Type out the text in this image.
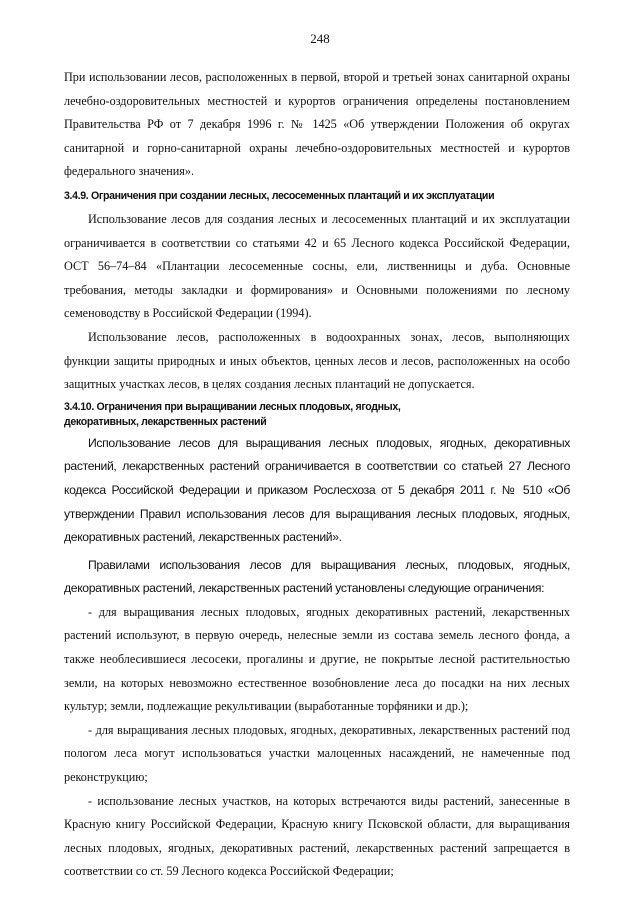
248

При использовании лесов, расположенных в первой, второй и третьей зонах санитарной охраны лечебно-оздоровительных местностей и курортов ограничения определены постановлением Правительства РФ от 7 декабря 1996 г. № 1425 «Об утверждении Положения об округах санитарной и горно-санитарной охраны лечебно-оздоровительных местностей и курортов федерального значения».

3.4.9. Ограничения при создании лесных, лесосеменных плантаций и их эксплуатации

Использование лесов для создания лесных и лесосеменных плантаций и их эксплуатации ограничивается в соответствии со статьями 42 и 65 Лесного кодекса Российской Федерации, ОСТ 56–74–84 «Плантации лесосеменные сосны, ели, лиственницы и дуба. Основные требования, методы закладки и формирования» и Основными положениями по лесному семеноводству в Российской Федерации (1994).

Использование лесов, расположенных в водоохранных зонах, лесов, выполняющих функции защиты природных и иных объектов, ценных лесов и лесов, расположенных на особо защитных участках лесов, в целях создания лесных плантаций не допускается.

3.4.10. Ограничения при выращивании лесных плодовых, ягодных,
декоративных, лекарственных растений

Использование лесов для выращивания лесных плодовых, ягодных, декоративных растений, лекарственных растений ограничивается в соответствии со статьей 27 Лесного кодекса Российской Федерации и приказом Рослесхоза от 5 декабря 2011 г. № 510 «Об утверждении Правил использования лесов для выращивания лесных плодовых, ягодных, декоративных растений, лекарственных растений».

Правилами использования лесов для выращивания лесных, плодовых, ягодных, декоративных растений, лекарственных растений установлены следующие ограничения:

- для выращивания лесных плодовых, ягодных декоративных растений, лекарственных растений используют, в первую очередь, нелесные земли из состава земель лесного фонда, а также необлесившиеся лесосеки, прогалины и другие, не покрытые лесной растительностью земли, на которых невозможно естественное возобновление леса до посадки на них лесных культур; земли, подлежащие рекультивации (выработанные торфяники и др.);

- для выращивания лесных плодовых, ягодных, декоративных, лекарственных растений под пологом леса могут использоваться участки малоценных насаждений, не намеченные под реконструкцию;

- использование лесных участков, на которых встречаются виды растений, занесенные в Красную книгу Российской Федерации, Красную книгу Псковской области, для выращивания лесных плодовых, ягодных, декоративных растений, лекарственных растений запрещается в соответствии со ст. 59 Лесного кодекса Российской Федерации;
